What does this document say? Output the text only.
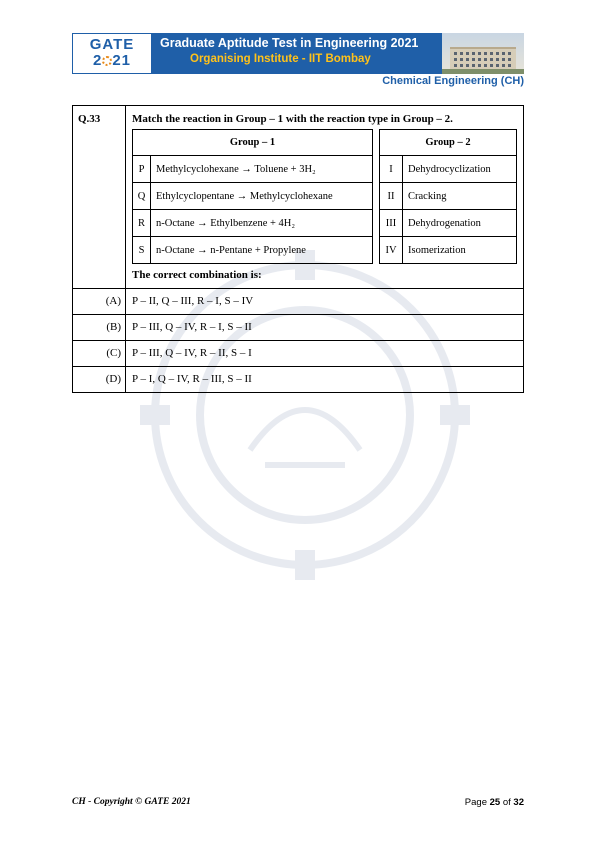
GATE
2 21
Graduate Aptitude Test in Engineering 2021
Organising Institute - IIT Bombay
Chemical Engineering (CH)
Q.33	Match the reaction in Group – 1 with the reaction type in Group – 2.
Group – 1			Group – 2	
P	Methylcyclohexane → Toluene + 3H₂		I	Dehydrocyclization
Q	Ethylcyclopentane → Methylcyclohexane		II	Cracking
R	n-Octane → Ethylbenzene + 4H₂		III	Dehydrogenation
S	n-Octane → n-Pentane + Propylene		IV	Isomerization
The correct combination is:
(A)	P – II, Q – III, R – I, S – IV
(B)	P – III, Q – IV, R – I, S – II
(C)	P – III, Q – IV, R – II, S – I
(D)	P – I, Q – IV, R – III, S – II
CH - Copyright © GATE 2021	Page 25 of 32
